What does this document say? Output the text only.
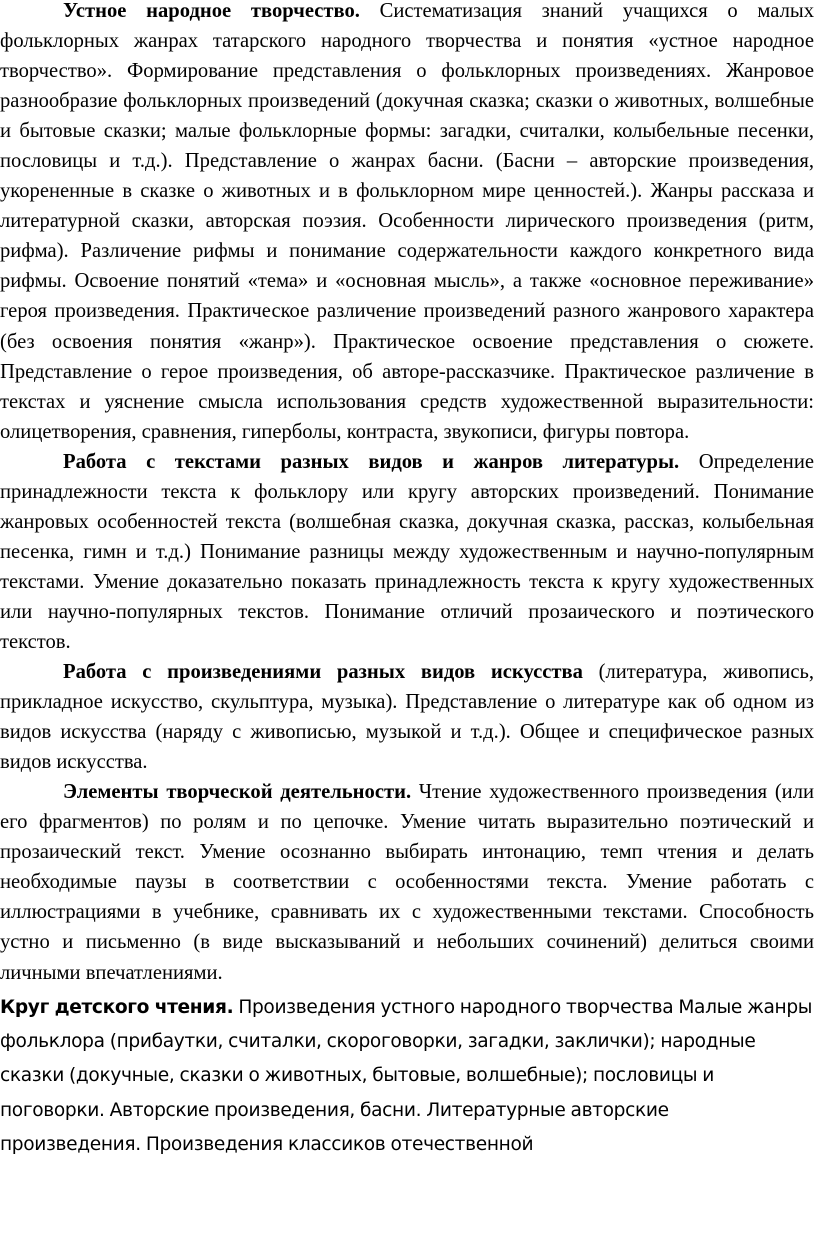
Устное народное творчество. Систематизация знаний учащихся о малых фольклорных жанрах татарского народного творчества и понятия «устное народное творчество». Формирование представления о фольклорных произведениях. Жанровое разнообразие фольклорных произведений (докучная сказка; сказки о животных, волшебные и бытовые сказки; малые фольклорные формы: загадки, считалки, колыбельные песенки, пословицы и т.д.). Представление о жанрах басни. (Басни – авторские произведения, укорененные в сказке о животных и в фольклорном мире ценностей.). Жанры рассказа и литературной сказки, авторская поэзия. Особенности лирического произведения (ритм, рифма). Различение рифмы и понимание содержательности каждого конкретного вида рифмы. Освоение понятий «тема» и «основная мысль», а также «основное переживание» героя произведения. Практическое различение произведений разного жанрового характера (без освоения понятия «жанр»). Практическое освоение представления о сюжете. Представление о герое произведения, об авторе-рассказчике. Практическое различение в текстах и уяснение смысла использования средств художественной выразительности: олицетворения, сравнения, гиперболы, контраста, звукописи, фигуры повтора.

Работа с текстами разных видов и жанров литературы. Определение принадлежности текста к фольклору или кругу авторских произведений. Понимание жанровых особенностей текста (волшебная сказка, докучная сказка, рассказ, колыбельная песенка, гимн и т.д.) Понимание разницы между художественным и научно-популярным текстами. Умение доказательно показать принадлежность текста к кругу художественных или научно-популярных текстов. Понимание отличий прозаического и поэтического текстов.

Работа с произведениями разных видов искусства (литература, живопись, прикладное искусство, скульптура, музыка). Представление о литературе как об одном из видов искусства (наряду с живописью, музыкой и т.д.). Общее и специфическое разных видов искусства.

Элементы творческой деятельности. Чтение художественного произведения (или его фрагментов) по ролям и по цепочке. Умение читать выразительно поэтический и прозаический текст. Умение осознанно выбирать интонацию, темп чтения и делать необходимые паузы в соответствии с особенностями текста. Умение работать с иллюстрациями в учебнике, сравнивать их с художественными текстами. Способность устно и письменно (в виде высказываний и небольших сочинений) делиться своими личными впечатлениями.

Круг детского чтения. Произведения устного народного творчества Малые жанры фольклора (прибаутки, считалки, скороговорки, загадки, заклички); народные сказки (докучные, сказки о животных, бытовые, волшебные); пословицы и поговорки. Авторские произведения, басни. Литературные авторские произведения. Произведения классиков отечественной
